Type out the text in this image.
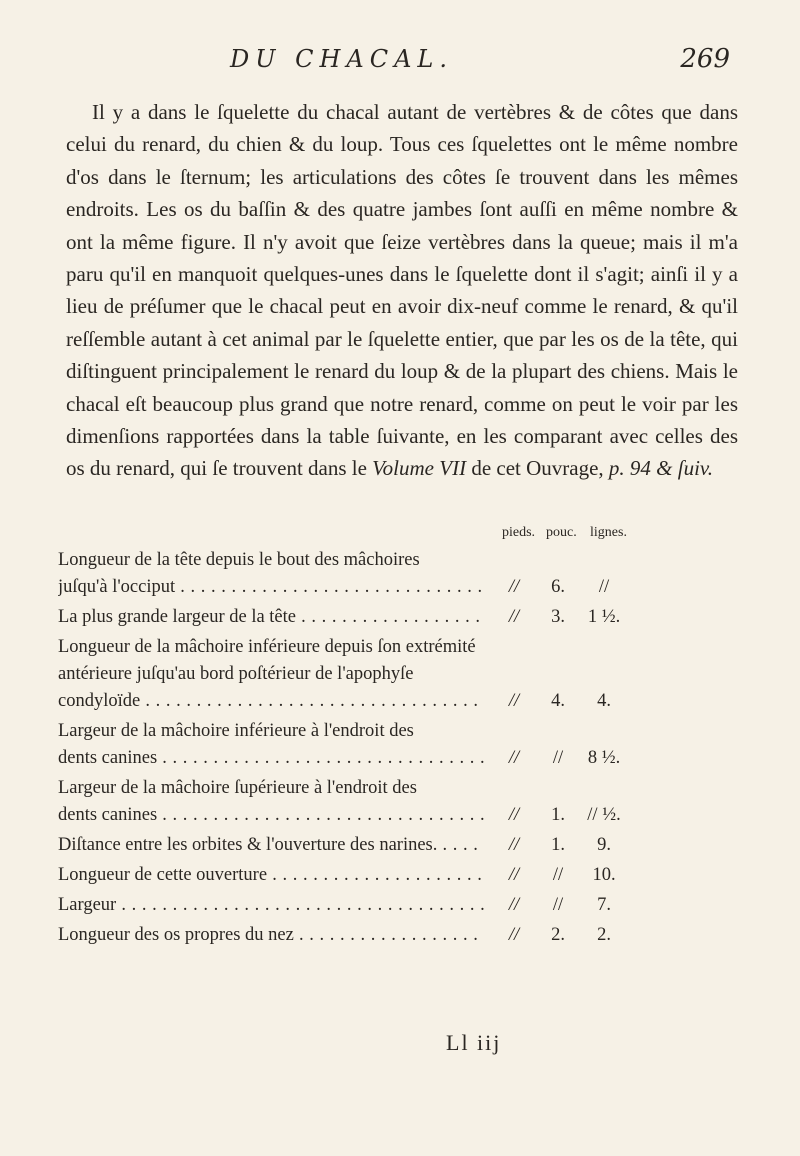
DU CHACAL.	269

Il y a dans le ſquelette du chacal autant de vertèbres & de côtes que dans celui du renard, du chien & du loup. Tous ces ſquelettes ont le même nombre d'os dans le ſternum; les articulations des côtes ſe trouvent dans les mêmes endroits. Les os du baſſin & des quatre jambes ſont auſſi en même nombre & ont la même figure. Il n'y avoit que ſeize vertèbres dans la queue; mais il m'a paru qu'il en manquoit quelques-unes dans le ſquelette dont il s'agit; ainſi il y a lieu de préſumer que le chacal peut en avoir dix-neuf comme le renard, & qu'il reſſemble autant à cet animal par le ſquelette entier, que par les os de la tête, qui diſtinguent principalement le renard du loup & de la plupart des chiens. Mais le chacal eſt beaucoup plus grand que notre renard, comme on peut le voir par les dimenſions rapportées dans la table ſuivante, en les comparant avec celles des os du renard, qui ſe trouvent dans le Volume VII de cet Ouvrage, p. 94 & ſuiv.

pieds. pouc. lignes.
Longueur de la tête depuis le bout des mâchoires
juſqu'à l'occiput . . .	//	6.	//
La plus grande largeur de la tête . . .	//	3.	1 ½.
Longueur de la mâchoire inférieure depuis ſon extrémité
antérieure juſqu'au bord poſtérieur de l'apophyſe
condyloïde . . .	//	4.	4.
Largeur de la mâchoire inférieure à l'endroit des
dents canines . . .	//	//	8 ½.
Largeur de la mâchoire ſupérieure à l'endroit des
dents canines . . .	//	1.	// ½.
Diſtance entre les orbites & l'ouverture des narines. . . .	//	1.	9.
Longueur de cette ouverture . . .	//	//	10.
Largeur . . .	//	//	7.
Longueur des os propres du nez . . .	//	2.	2.
Ll iij
